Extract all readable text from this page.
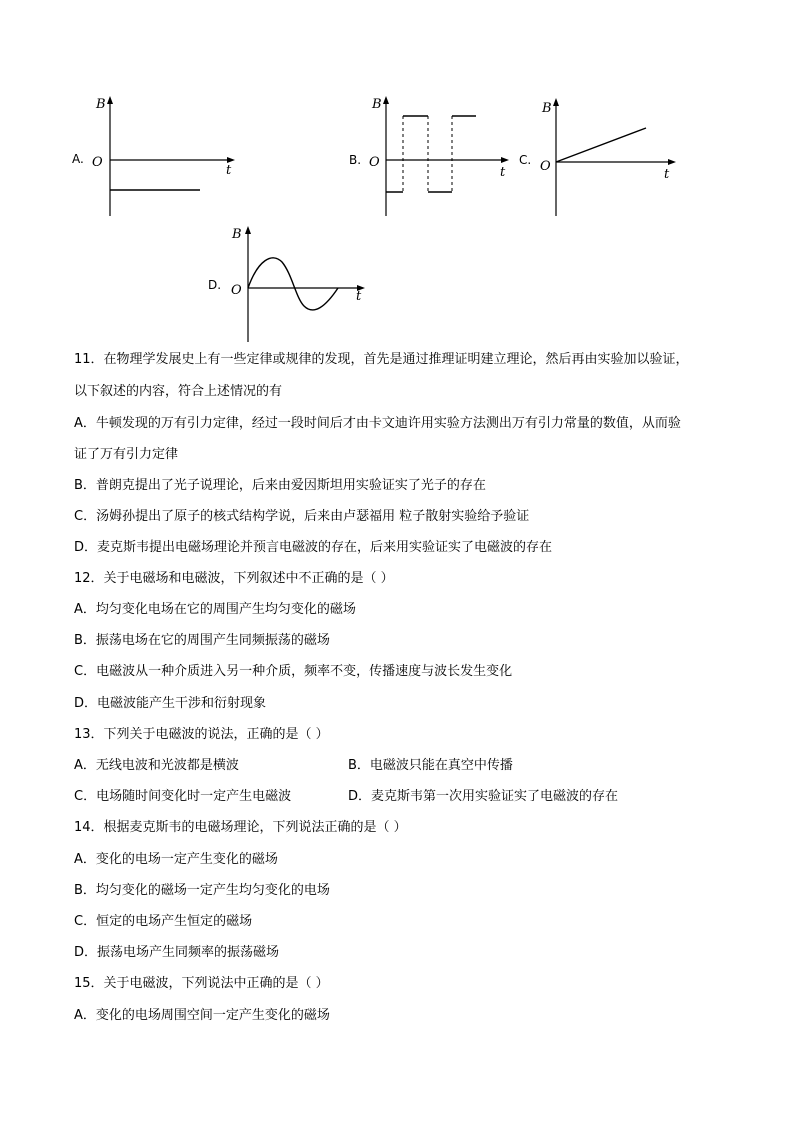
A.
B
t
O	B.
B
t
O	C.
B
t
O
D.
B
t
O
11．在物理学发展史上有一些定律或规律的发现，首先是通过推理证明建立理论，然后再由实验加以验证，
以下叙述的内容，符合上述情况的有
A．牛顿发现的万有引力定律，经过一段时间后才由卡文迪许用实验方法测出万有引力常量的数值，从而验
证了万有引力定律
B．普朗克提出了光子说理论，后来由爱因斯坦用实验证实了光子的存在
C．汤姆孙提出了原子的核式结构学说，后来由卢瑟福用 粒子散射实验给予验证
D．麦克斯韦提出电磁场理论并预言电磁波的存在，后来用实验证实了电磁波的存在
12．关于电磁场和电磁波，下列叙述中不正确的是（ ）
A．均匀变化电场在它的周围产生均匀变化的磁场
B．振荡电场在它的周围产生同频振荡的磁场
C．电磁波从一种介质进入另一种介质，频率不变，传播速度与波长发生变化
D．电磁波能产生干涉和衍射现象
13．下列关于电磁波的说法，正确的是（ ）
A．无线电波和光波都是横波	B．电磁波只能在真空中传播
C．电场随时间变化时一定产生电磁波	D．麦克斯韦第一次用实验证实了电磁波的存在
14．根据麦克斯韦的电磁场理论，下列说法正确的是（ ）
A．变化的电场一定产生变化的磁场
B．均匀变化的磁场一定产生均匀变化的电场
C．恒定的电场产生恒定的磁场
D．振荡电场产生同频率的振荡磁场
15．关于电磁波，下列说法中正确的是（ ）
A．变化的电场周围空间一定产生变化的磁场
